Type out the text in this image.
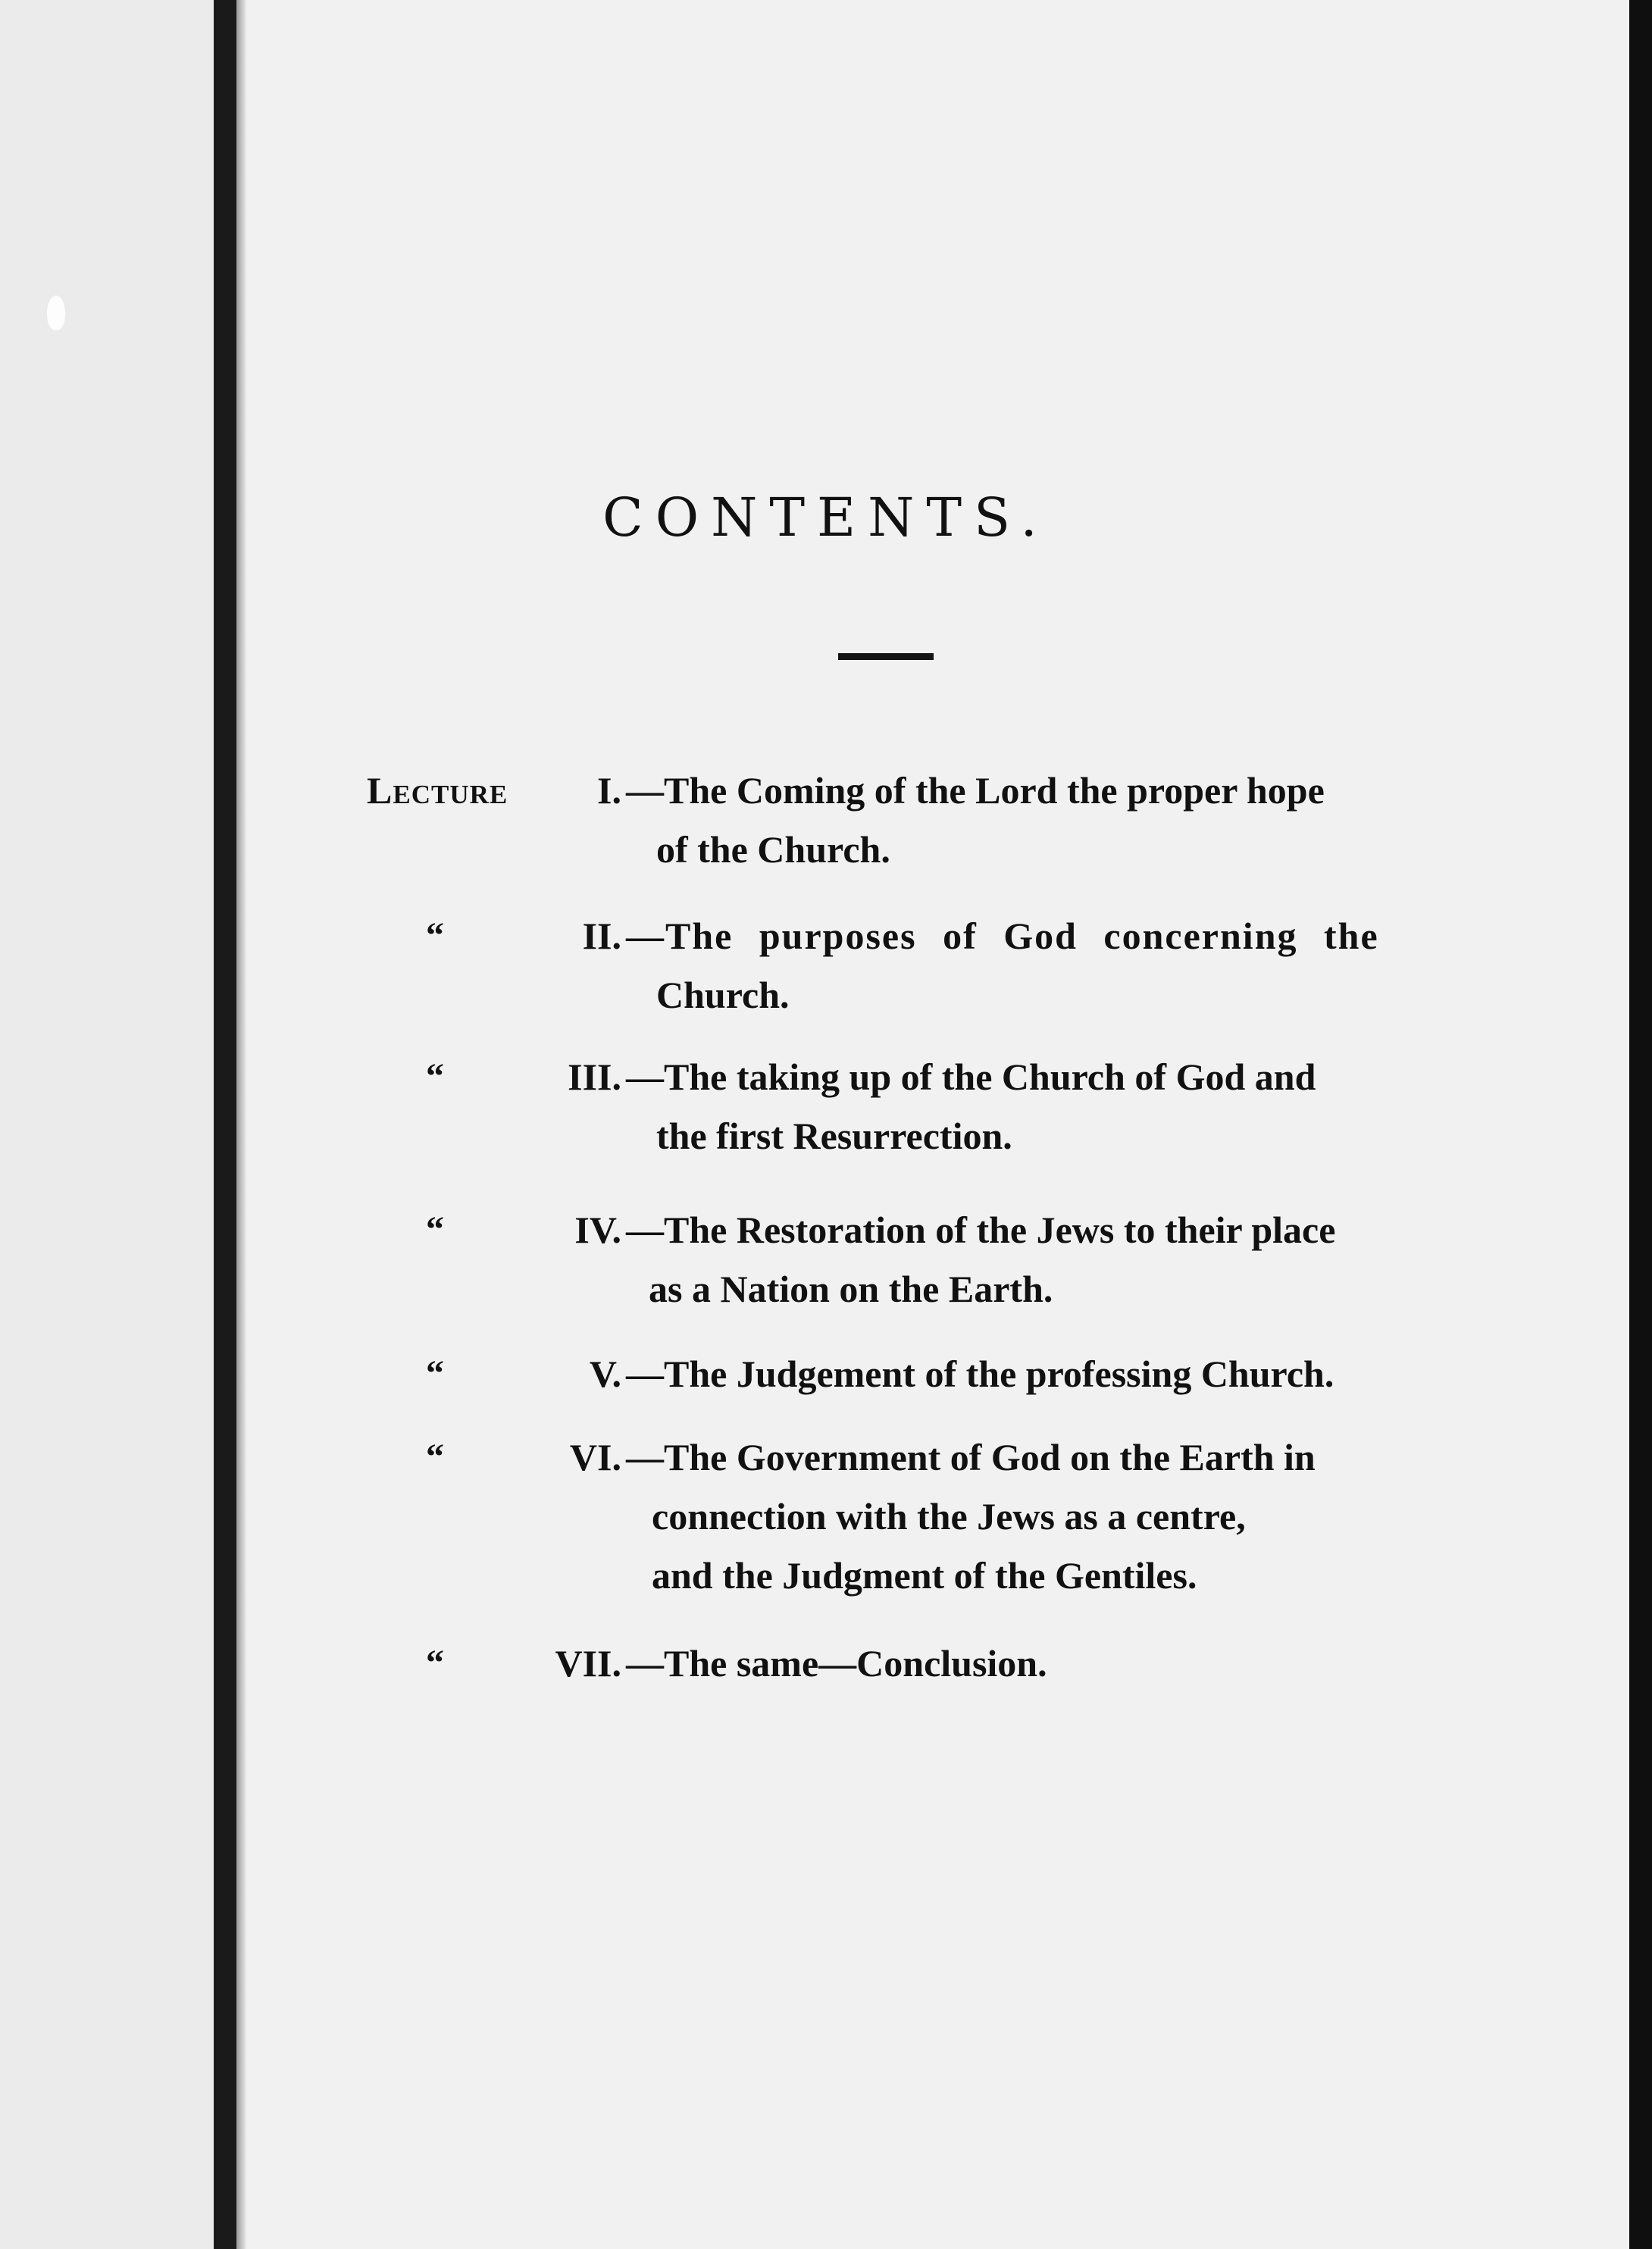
CONTENTS.
Lecture	I. —The Coming of the Lord the proper hope
of the Church.
“	II. —The purposes of God concerning the
Church.
“	III. —The taking up of the Church of God and
the first Resurrection.
“	IV. —The Restoration of the Jews to their place
as a Nation on the Earth.
“	V. —The Judgement of the professing Church.
“	VI. —The Government of God on the Earth in
connection with the Jews as a centre,
and the Judgment of the Gentiles.
“	VII. —The same—Conclusion.
